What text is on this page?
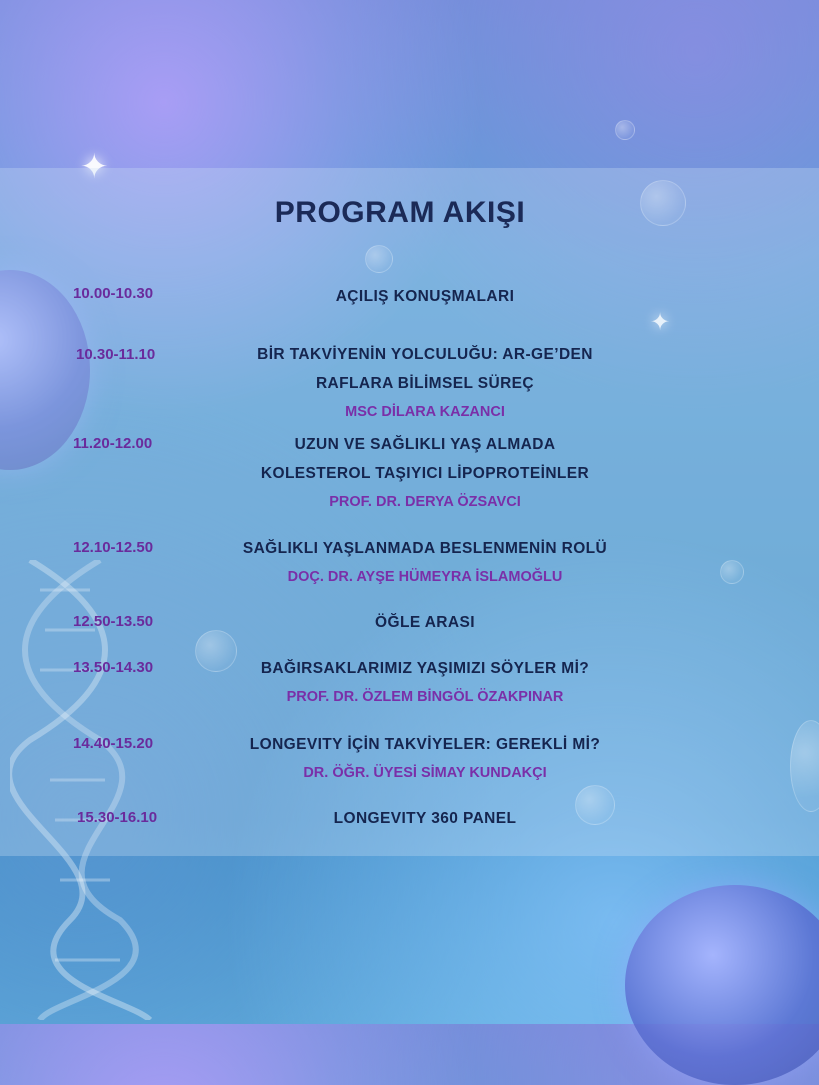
✦
✦
PROGRAM AKIŞI
10.00-10.30	AÇILIŞ KONUŞMALARI
10.30-11.10	BİR TAKVİYENİN YOLCULUĞU: AR-GE’DEN
RAFLARA BİLİMSEL SÜREÇ
MSC DİLARA KAZANCI
11.20-12.00	UZUN VE SAĞLIKLI YAŞ ALMADA
KOLESTEROL TAŞIYICI LİPOPROTEİNLER
PROF. DR. DERYA ÖZSAVCI
12.10-12.50	SAĞLIKLI YAŞLANMADA BESLENMENİN ROLÜ
DOÇ. DR. AYŞE HÜMEYRA İSLAMOĞLU
12.50-13.50	ÖĞLE ARASI
13.50-14.30	BAĞIRSAKLARIMIZ YAŞIMIZI SÖYLER Mİ?
PROF. DR. ÖZLEM BİNGÖL ÖZAKPINAR
14.40-15.20	LONGEVITY İÇİN TAKVİYELER: GEREKLİ Mİ?
DR. ÖĞR. ÜYESİ SİMAY KUNDAKÇI
15.30-16.10	LONGEVITY 360 PANEL
